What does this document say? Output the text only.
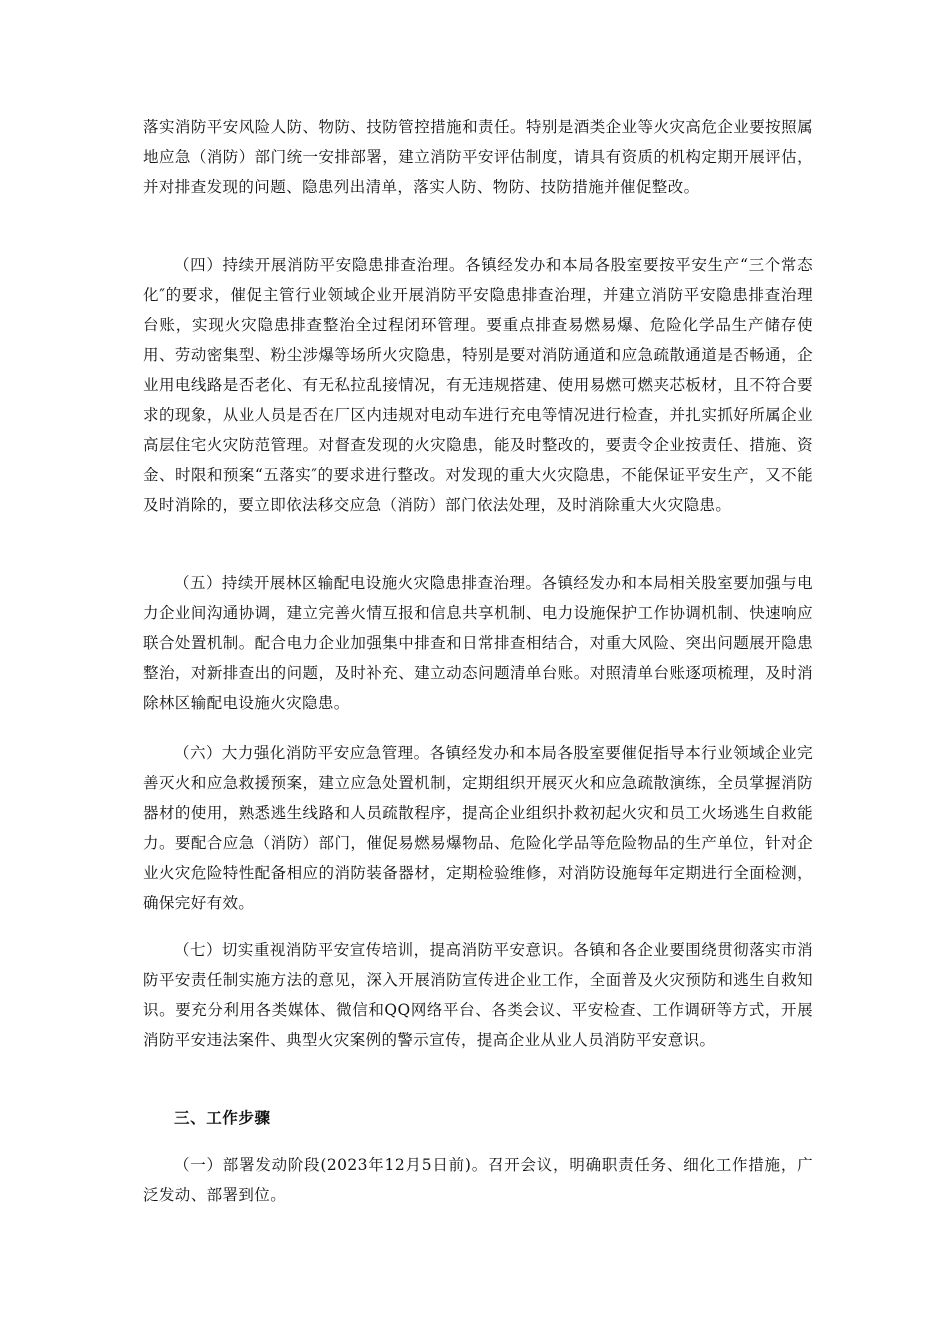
落实消防平安风险人防、物防、技防管控措施和责任。特别是酒类企业等火灾高危企业要按照属地应急（消防）部门统一安排部署，建立消防平安评估制度，请具有资质的机构定期开展评估，并对排查发现的问题、隐患列出清单，落实人防、物防、技防措施并催促整改。

（四）持续开展消防平安隐患排查治理。各镇经发办和本局各股室要按平安生产“三个常态化″的要求，催促主管行业领域企业开展消防平安隐患排查治理，并建立消防平安隐患排查治理台账，实现火灾隐患排查整治全过程闭环管理。要重点排查易燃易爆、危险化学品生产储存使用、劳动密集型、粉尘涉爆等场所火灾隐患，特别是要对消防通道和应急疏散通道是否畅通，企业用电线路是否老化、有无私拉乱接情况，有无违规搭建、使用易燃可燃夹芯板材，且不符合要求的现象，从业人员是否在厂区内违规对电动车进行充电等情况进行检查，并扎实抓好所属企业高层住宅火灾防范管理。对督查发现的火灾隐患，能及时整改的，要责令企业按责任、措施、资金、时限和预案“五落实″的要求进行整改。对发现的重大火灾隐患，不能保证平安生产，又不能及时消除的，要立即依法移交应急（消防）部门依法处理，及时消除重大火灾隐患。

（五）持续开展林区输配电设施火灾隐患排查治理。各镇经发办和本局相关股室要加强与电力企业间沟通协调，建立完善火情互报和信息共享机制、电力设施保护工作协调机制、快速响应联合处置机制。配合电力企业加强集中排查和日常排查相结合，对重大风险、突出问题展开隐患整治，对新排查出的问题，及时补充、建立动态问题清单台账。对照清单台账逐项梳理，及时消除林区输配电设施火灾隐患。

（六）大力强化消防平安应急管理。各镇经发办和本局各股室要催促指导本行业领域企业完善灭火和应急救援预案，建立应急处置机制，定期组织开展灭火和应急疏散演练，全员掌握消防器材的使用，熟悉逃生线路和人员疏散程序，提高企业组织扑救初起火灾和员工火场逃生自救能力。要配合应急（消防）部门，催促易燃易爆物品、危险化学品等危险物品的生产单位，针对企业火灾危险特性配备相应的消防装备器材，定期检验维修，对消防设施每年定期进行全面检测，确保完好有效。

（七）切实重视消防平安宣传培训，提高消防平安意识。各镇和各企业要围绕贯彻落实市消防平安责任制实施方法的意见，深入开展消防宣传进企业工作，全面普及火灾预防和逃生自救知识。要充分利用各类媒体、微信和QQ网络平台、各类会议、平安检查、工作调研等方式，开展消防平安违法案件、典型火灾案例的警示宣传，提高企业从业人员消防平安意识。

三、工作步骤

（一）部署发动阶段(2023年12月5日前)。召开会议，明确职责任务、细化工作措施，广泛发动、部署到位。
